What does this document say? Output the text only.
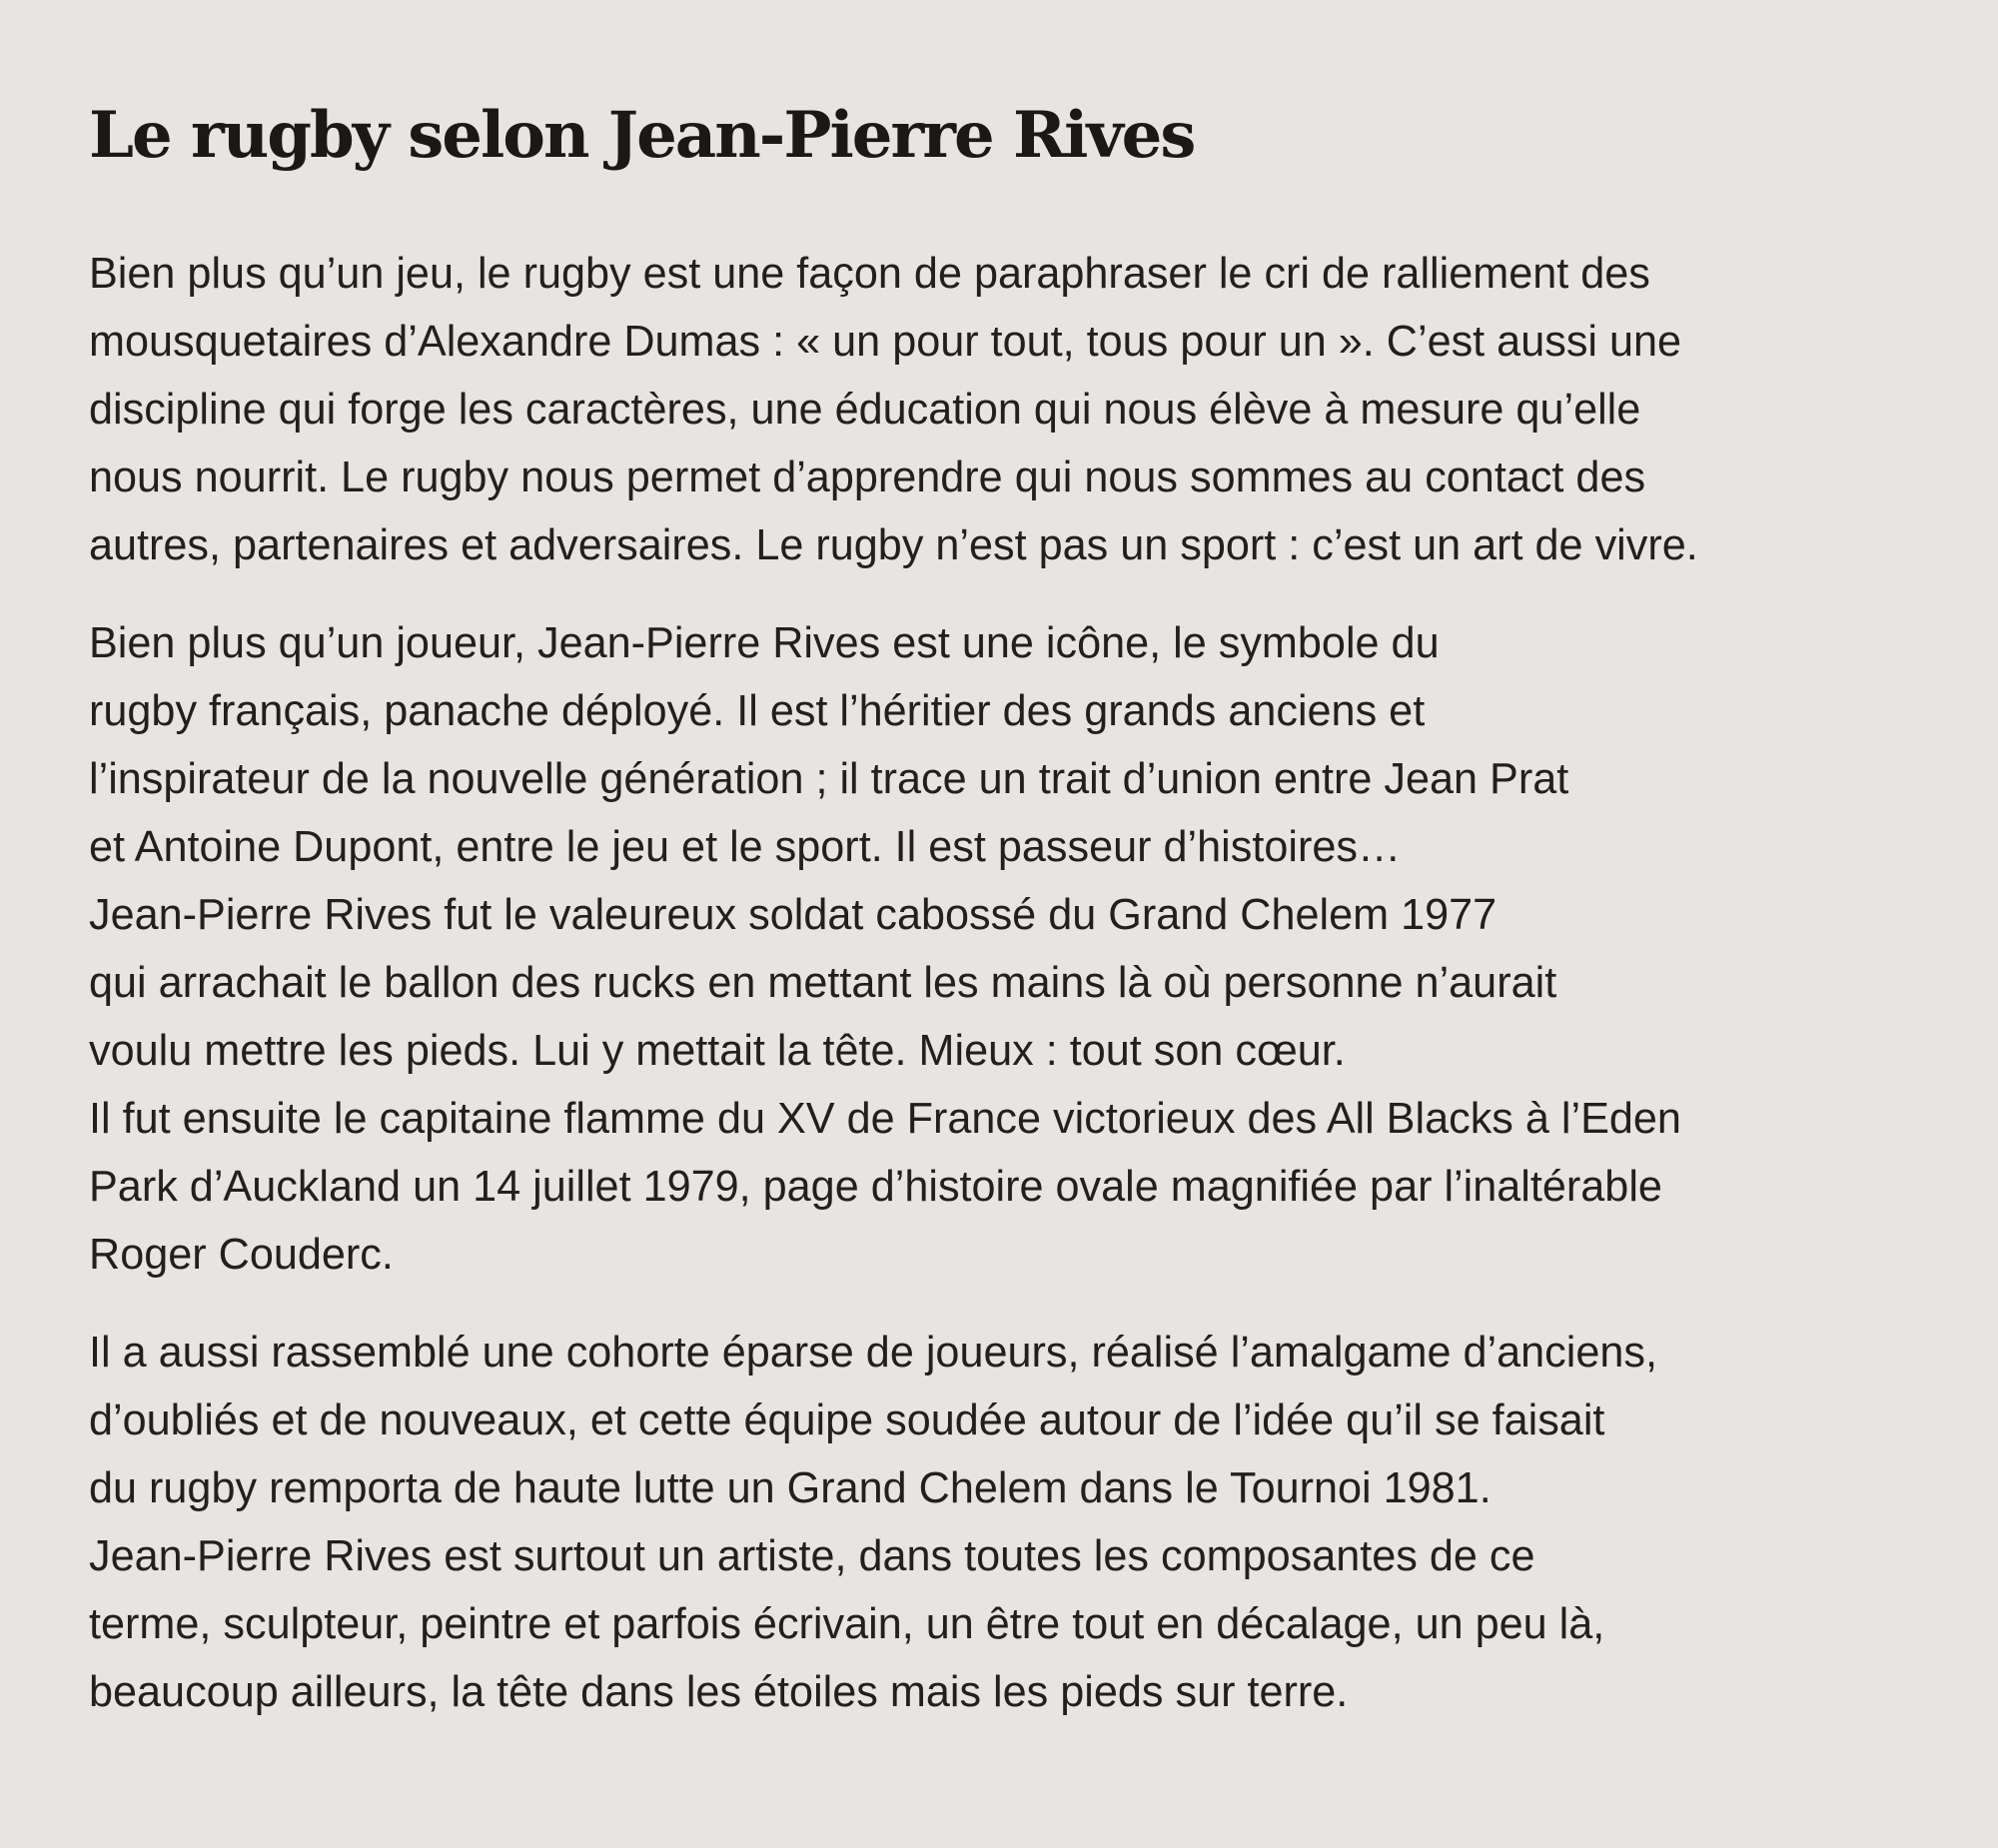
Le rugby selon Jean-Pierre Rives

Bien plus qu’un jeu, le rugby est une façon de paraphraser le cri de ralliement des
mousquetaires d’Alexandre Dumas : « un pour tout, tous pour un ». C’est aussi une
discipline qui forge les caractères, une éducation qui nous élève à mesure qu’elle
nous nourrit. Le rugby nous permet d’apprendre qui nous sommes au contact des
autres, partenaires et adversaires. Le rugby n’est pas un sport : c’est un art de vivre.

Bien plus qu’un joueur, Jean-Pierre Rives est une icône, le symbole du
rugby français, panache déployé. Il est l’héritier des grands anciens et
l’inspirateur de la nouvelle génération ; il trace un trait d’union entre Jean Prat
et Antoine Dupont, entre le jeu et le sport. Il est passeur d’histoires…
Jean-Pierre Rives fut le valeureux soldat cabossé du Grand Chelem 1977
qui arrachait le ballon des rucks en mettant les mains là où personne n’aurait
voulu mettre les pieds. Lui y mettait la tête. Mieux : tout son cœur.
Il fut ensuite le capitaine flamme du XV de France victorieux des All Blacks à l’Eden
Park d’Auckland un 14 juillet 1979, page d’histoire ovale magnifiée par l’inaltérable
Roger Couderc.

Il a aussi rassemblé une cohorte éparse de joueurs, réalisé l’amalgame d’anciens,
d’oubliés et de nouveaux, et cette équipe soudée autour de l’idée qu’il se faisait
du rugby remporta de haute lutte un Grand Chelem dans le Tournoi 1981.
Jean-Pierre Rives est surtout un artiste, dans toutes les composantes de ce
terme, sculpteur, peintre et parfois écrivain, un être tout en décalage, un peu là,
beaucoup ailleurs, la tête dans les étoiles mais les pieds sur terre.
